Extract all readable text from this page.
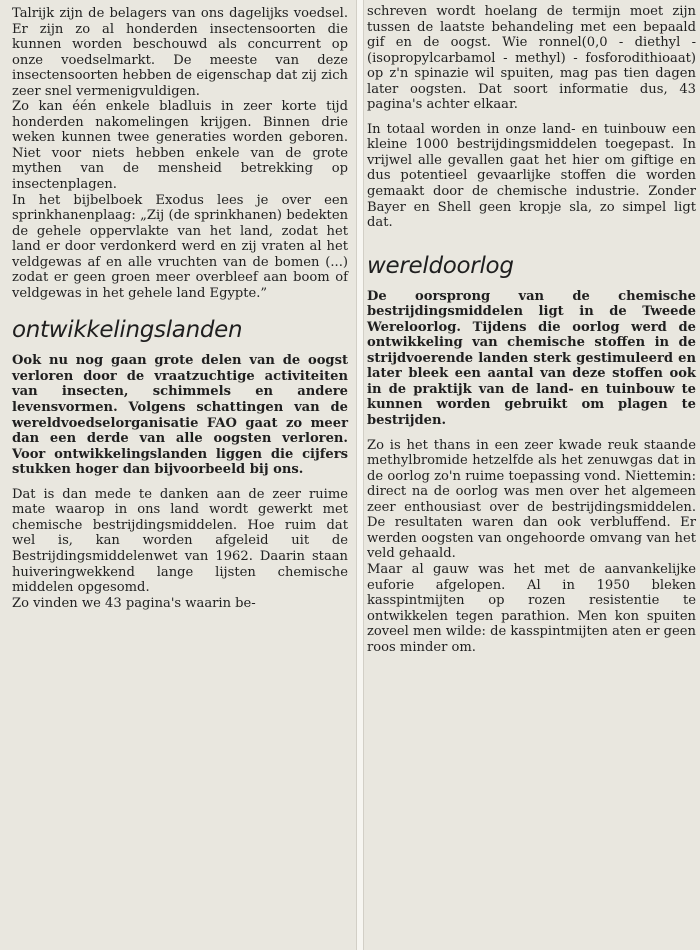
Talrijk zijn de belagers van ons dagelijks voedsel. Er zijn zo al honderden insectensoorten die kunnen worden beschouwd als concurrent op onze voedselmarkt. De meeste van deze insectensoorten hebben de eigenschap dat zij zich zeer snel vermenigvuldigen.

Zo kan één enkele bladluis in zeer korte tijd honderden nakomelingen krijgen. Binnen drie weken kunnen twee generaties worden geboren. Niet voor niets hebben enkele van de grote mythen van de mensheid betrekking op insectenplagen.

In het bijbelboek Exodus lees je over een sprinkhanenplaag: „Zij (de sprinkhanen) bedekten de gehele oppervlakte van het land, zodat het land er door verdonkerd werd en zij vraten al het veldgewas af en alle vruchten van de bomen (...) zodat er geen groen meer overbleef aan boom of veldgewas in het gehele land Egypte.”

ontwikkelingslanden

Ook nu nog gaan grote delen van de oogst verloren door de vraatzuchtige activiteiten van insecten, schimmels en andere levensvormen. Volgens schattingen van de wereldvoedselorganisatie FAO gaat zo meer dan een derde van alle oogsten verloren. Voor ontwikkelingslanden liggen die cijfers stukken hoger dan bijvoorbeeld bij ons.

Dat is dan mede te danken aan de zeer ruime mate waarop in ons land wordt gewerkt met chemische bestrijdingsmiddelen. Hoe ruim dat wel is, kan worden afgeleid uit de Bestrijdingsmiddelenwet van 1962. Daarin staan huiveringwekkend lange lijsten chemische middelen opgesomd.

Zo vinden we 43 pagina's waarin be-

schreven wordt hoelang de termijn moet zijn tussen de laatste behandeling met een bepaald gif en de oogst. Wie ronnel(0,0 - diethyl - (isopropylcarbamol - methyl) - fosforodithioaat) op z'n spinazie wil spuiten, mag pas tien dagen later oogsten. Dat soort informatie dus, 43 pagina's achter elkaar.

In totaal worden in onze land- en tuinbouw een kleine 1000 bestrijdingsmiddelen toegepast. In vrijwel alle gevallen gaat het hier om giftige en dus potentieel gevaarlijke stoffen die worden gemaakt door de chemische industrie. Zonder Bayer en Shell geen kropje sla, zo simpel ligt dat.

wereldoorlog

De oorsprong van de chemische bestrijdingsmiddelen ligt in de Tweede Wereloorlog. Tijdens die oorlog werd de ontwikkeling van chemische stoffen in de strijdvoerende landen sterk gestimuleerd en later bleek een aantal van deze stoffen ook in de praktijk van de land- en tuinbouw te kunnen worden gebruikt om plagen te bestrijden.

Zo is het thans in een zeer kwade reuk staande methylbromide hetzelfde als het zenuwgas dat in de oorlog zo'n ruime toepassing vond. Niettemin: direct na de oorlog was men over het algemeen zeer enthousiast over de bestrijdingsmiddelen. De resultaten waren dan ook verbluffend. Er werden oogsten van ongehoorde omvang van het veld gehaald.

Maar al gauw was het met de aanvankelijke euforie afgelopen. Al in 1950 bleken kasspintmijten op rozen resistentie te ontwikkelen tegen parathion. Men kon spuiten zoveel men wilde: de kasspintmijten aten er geen roos minder om.
